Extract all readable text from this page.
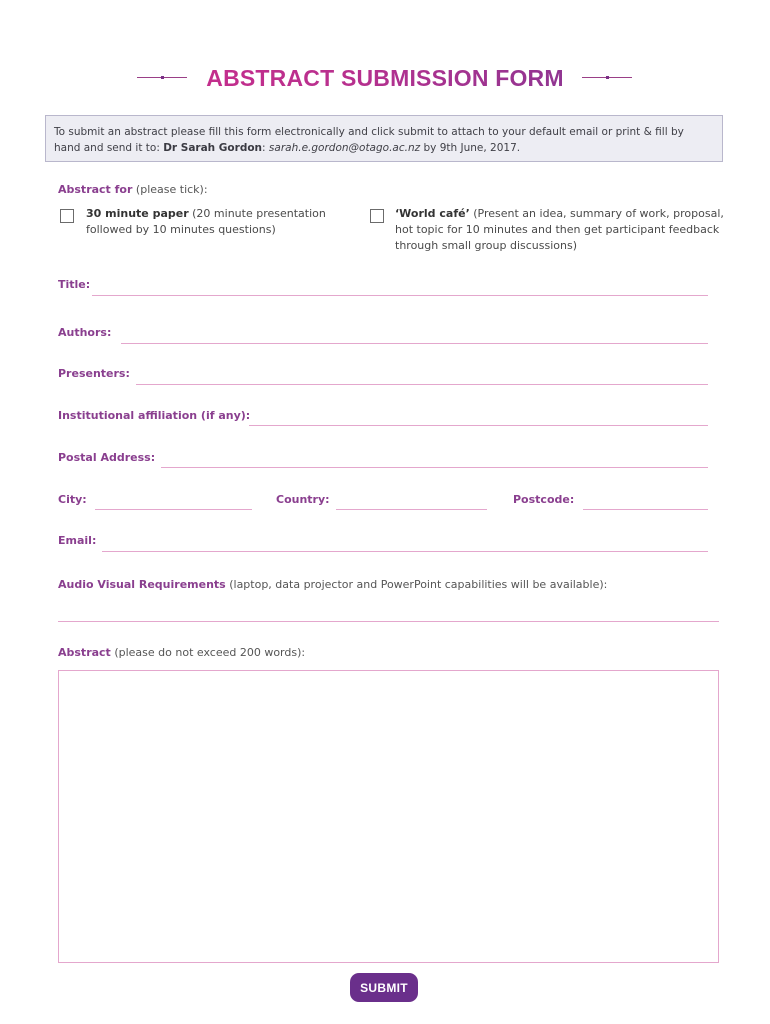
ABSTRACT SUBMISSION FORM
To submit an abstract please fill this form electronically and click submit to attach to your default email or print & fill by hand and send it to: Dr Sarah Gordon: sarah.e.gordon@otago.ac.nz by 9th June, 2017.
Abstract for (please tick):
30 minute paper (20 minute presentation followed by 10 minutes questions)
‘World café’ (Present an idea, summary of work, proposal, hot topic for 10 minutes and then get participant feedback through small group discussions)
Title:
Authors:
Presenters:
Institutional affiliation (if any):
Postal Address:
City:	Country:	Postcode:
Email:
Audio Visual Requirements (laptop, data projector and PowerPoint capabilities will be available):
Abstract (please do not exceed 200 words):
SUBMIT
